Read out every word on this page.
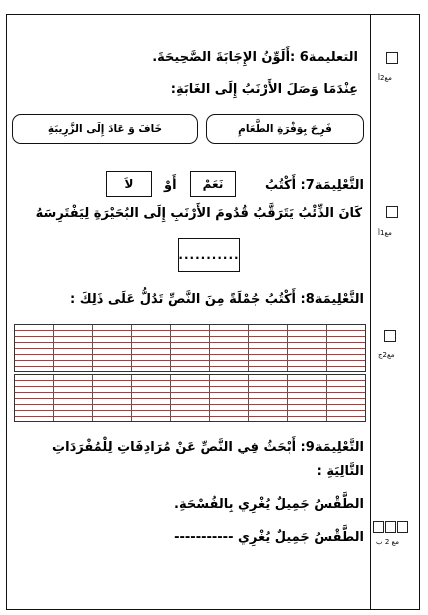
مع2أ
مع1أ
مع2ج
مع 2 ب
التعليمة6 :أَلَوِّنُ الإِجَابَةَ الصَّحِيحَةَ.
عِنْدَمَا وَصَلَ الأَرْنَبُ إِلَى الغَابَةِ:
فَرِحَ بِوَفْرَةِ الطَّعَامِ
خَافَ وَ عَادَ إِلَى الزَّرِيبَةِ
التَّعْلِيمَة7: أَكْتُبُ
نَعَمْ
أَوْ
لاَ
كَانَ الذِّئْبُ يَتَرَقَّبُ قُدُومَ الأَرْنَبِ إِلَى البُحَيْرَةِ لِيَفْتَرِسَهُ
...........
التَّعْلِيمَة8: أَكْتُبُ جُمْلَةً مِنَ النَّصِّ تَدُلُّ عَلَى ذَلِكَ :
التَّعْلِيمَة9: أَبْحَثُ فِي النَّصِّ عَنْ مُرَادِفَاتِ لِلْمُفْرَدَاتِ
التَّالِيَةِ :
الطَّقْسُ جَمِيلٌ يُغْرِي بِالفُسْحَةِ.
الطَّقْسُ جَمِيلٌ يُغْرِي -----------
